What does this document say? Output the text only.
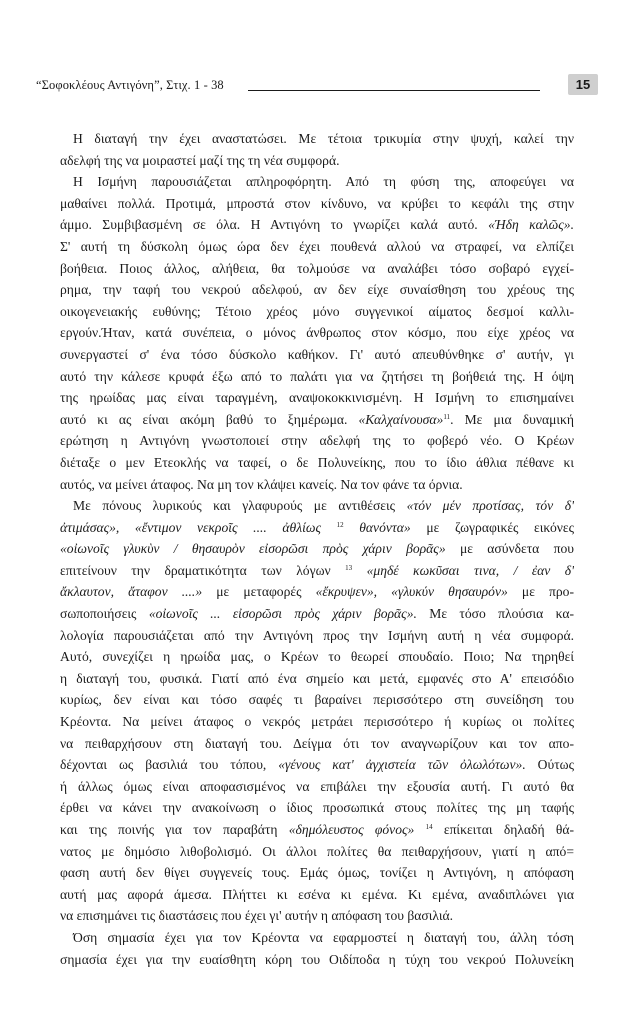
“Σοφοκλέους Αντιγόνη”, Στιχ. 1 - 38	15

Η διαταγή την έχει αναστατώσει. Με τέτοια τρικυμία στην ψυχή, καλεί την
αδελφή της να μοιραστεί μαζί της τη νέα συμφορά.

Η Ισμήνη παρουσιάζεται απληροφόρητη. Από τη φύση της, αποφεύγει να
μαθαίνει πολλά. Προτιμά, μπροστά στον κίνδυνο, να κρύβει το κεφάλι της στην
άμμο. Συμβιβασμένη σε όλα. Η Αντιγόνη το γνωρίζει καλά αυτό. «Ήδη καλῶς».
Σ' αυτή τη δύσκολη όμως ώρα δεν έχει πουθενά αλλού να στραφεί, να ελπίζει
βοήθεια. Ποιος άλλος, αλήθεια, θα τολμούσε να αναλάβει τόσο σοβαρό εγχεί-
ρημα, την ταφή του νεκρού αδελφού, αν δεν είχε συναίσθηση του χρέους της
οικογενειακής ευθύνης; Τέτοιο χρέος μόνο συγγενικοί αίματος δεσμοί καλλι-
εργούν.Ήταν, κατά συνέπεια, ο μόνος άνθρωπος στον κόσμο, που είχε χρέος να
συνεργαστεί σ' ένα τόσο δύσκολο καθήκον. Γι' αυτό απευθύνθηκε σ' αυτήν, γι
αυτό την κάλεσε κρυφά έξω από το παλάτι για να ζητήσει τη βοήθειά της. Η όψη
της ηρωίδας μας είναι ταραγμένη, αναψοκοκκινισμένη. Η Ισμήνη το επισημαίνει
αυτό κι ας είναι ακόμη βαθύ το ξημέρωμα. «Καλχαίνουσα»$^{11}$. Με μια δυναμική
ερώτηση η Αντιγόνη γνωστοποιεί στην αδελφή της το φοβερό νέο. Ο Κρέων
διέταξε ο μεν Ετεοκλής να ταφεί, ο δε Πολυνείκης, που το ίδιο άθλια πέθανε κι
αυτός, να μείνει άταφος. Να μη τον κλάψει κανείς. Να τον φάνε τα όρνια.

Με πόνους λυρικούς και γλαφυρούς με αντιθέσεις «τόν μέν προτίσας, τόν δ'
ἀτιμάσας», «ἔντιμον νεκροῖς .... ἀθλίως $^{12}$ θανόντα» με ζωγραφικές εικόνες
«οἰωνοῖς γλυκὺν / θησαυρὸν εἰσορῶσι πρὸς χάριν βορᾶς» με ασύνδετα που
επιτείνουν την δραματικότητα των λόγων $^{13}$ «μηδέ κωκῦσαι τινα, / ἐαν δ'
ἄκλαυτον, ἄταφον ....» με μεταφορές «ἔκρυψεν», «γλυκύν θησαυρόν» με προ-
σωποποιήσεις «οἰωνοῖς ... εἰσορῶσι πρὸς χάριν βορᾶς». Με τόσο πλούσια κα-
λολογία παρουσιάζεται από την Αντιγόνη προς την Ισμήνη αυτή η νέα συμφορά.
Αυτό, συνεχίζει η ηρωίδα μας, ο Κρέων το θεωρεί σπουδαίο. Ποιο; Να τηρηθεί
η διαταγή του, φυσικά. Γιατί από ένα σημείο και μετά, εμφανές στο Α' επεισόδιο
κυρίως, δεν είναι και τόσο σαφές τι βαραίνει περισσότερο στη συνείδηση του
Κρέοντα. Να μείνει άταφος ο νεκρός μετράει περισσότερο ή κυρίως οι πολίτες
να πειθαρχήσουν στη διαταγή του. Δείγμα ότι τον αναγνωρίζουν και τον απο-
δέχονται ως βασιλιά του τόπου, «γένους κατ' ἀγχιστεία τῶν ὀλωλότων». Ούτως
ή άλλως όμως είναι αποφασισμένος να επιβάλει την εξουσία αυτή. Γι αυτό θα
έρθει να κάνει την ανακοίνωση ο ίδιος προσωπικά στους πολίτες της μη ταφής
και της ποινής για τον παραβάτη «δημόλευστος φόνος» $^{14}$ επίκειται δηλαδή θά-
νατος με δημόσιο λιθοβολισμό. Οι άλλοι πολίτες θα πειθαρχήσουν, γιατί η από=
φαση αυτή δεν θίγει συγγενείς τους. Εμάς όμως, τονίζει η Αντιγόνη, η απόφαση
αυτή μας αφορά άμεσα. Πλήττει κι εσένα κι εμένα. Κι εμένα, αναδιπλώνει για
να επισημάνει τις διαστάσεις που έχει γι' αυτήν η απόφαση του βασιλιά.

Όση σημασία έχει για τον Κρέοντα να εφαρμοστεί η διαταγή του, άλλη τόση
σημασία έχει για την ευαίσθητη κόρη του Οιδίποδα η τύχη του νεκρού Πολυνείκη
